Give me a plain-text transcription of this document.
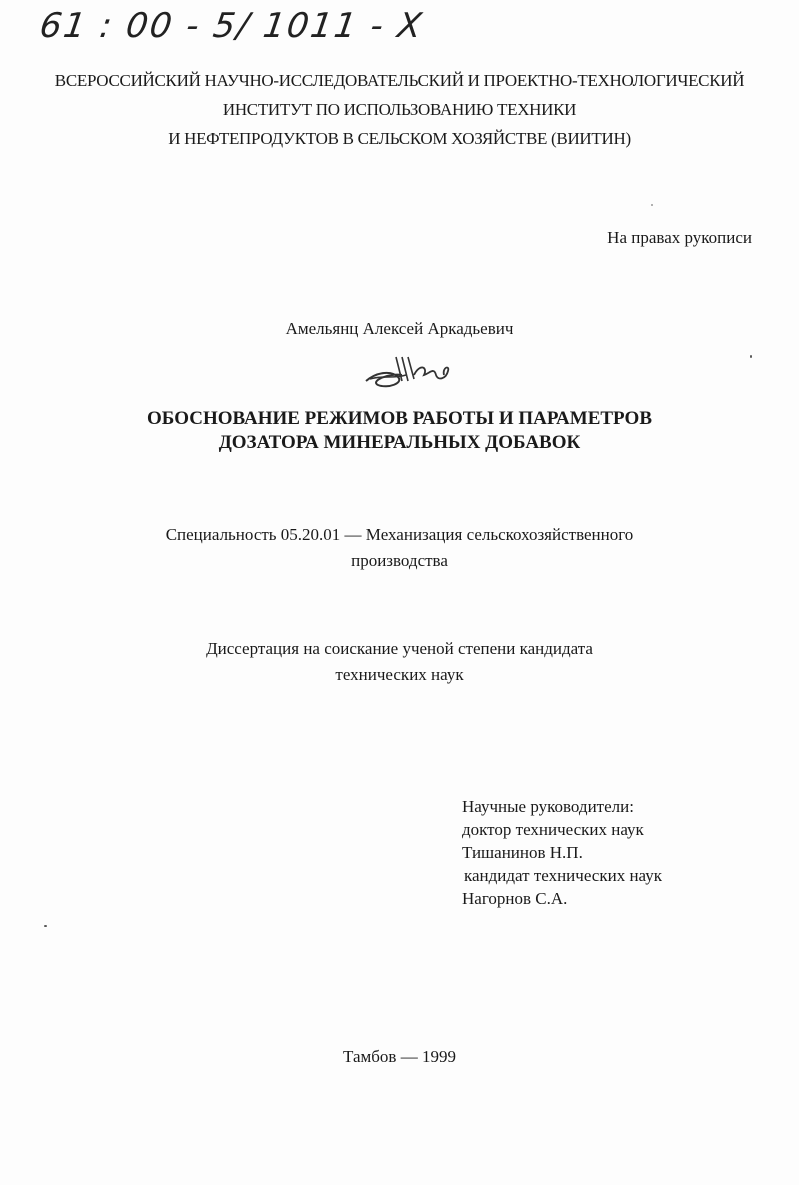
61 : 00 - 5/ 1011 - X
ВСЕРОССИЙСКИЙ НАУЧНО-ИССЛЕДОВАТЕЛЬСКИЙ И ПРОЕКТНО-ТЕХНОЛОГИЧЕСКИЙ
ИНСТИТУТ ПО ИСПОЛЬЗОВАНИЮ ТЕХНИКИ
И НЕФТЕПРОДУКТОВ В СЕЛЬСКОМ ХОЗЯЙСТВЕ (ВИИТИН)
На правах рукописи
Амельянц Алексей Аркадьевич
ОБОСНОВАНИЕ РЕЖИМОВ РАБОТЫ И ПАРАМЕТРОВ
ДОЗАТОРА МИНЕРАЛЬНЫХ ДОБАВОК
Специальность 05.20.01 — Механизация сельскохозяйственного
производства
Диссертация на соискание ученой степени кандидата
технических наук
Научные руководители:
доктор технических наук
Тишанинов Н.П.
кандидат технических наук
Нагорнов С.А.
Тамбов — 1999
